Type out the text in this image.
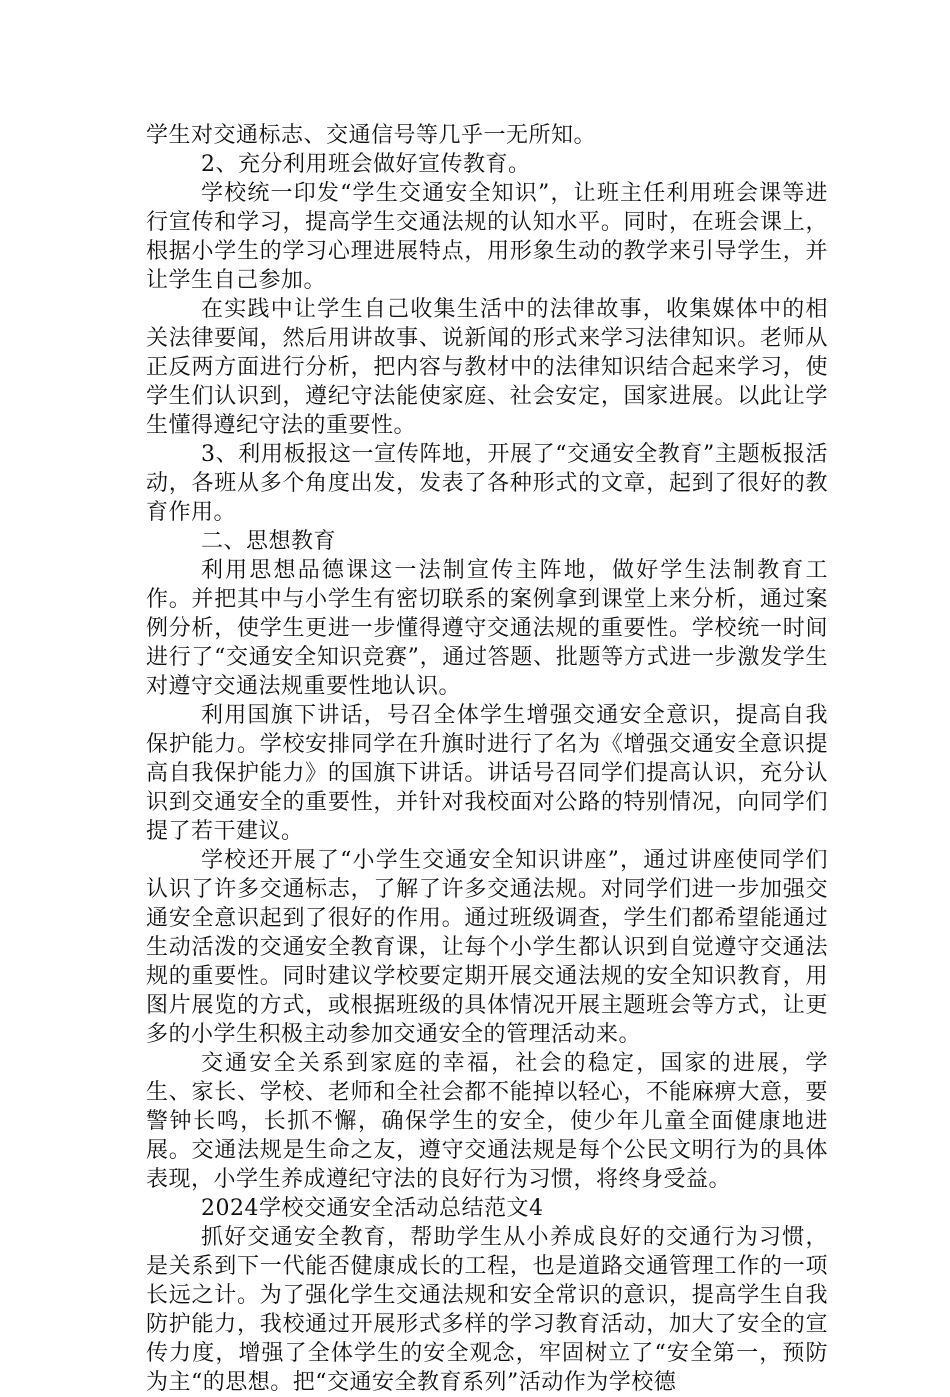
学生对交通标志、交通信号等几乎一无所知。

2、充分利用班会做好宣传教育。

学校统一印发“学生交通安全知识”，让班主任利用班会课等进行宣传和学习，提高学生交通法规的认知水平。同时，在班会课上，根据小学生的学习心理进展特点，用形象生动的教学来引导学生，并让学生自己参加。

在实践中让学生自己收集生活中的法律故事，收集媒体中的相关法律要闻，然后用讲故事、说新闻的形式来学习法律知识。老师从正反两方面进行分析，把内容与教材中的法律知识结合起来学习，使学生们认识到，遵纪守法能使家庭、社会安定，国家进展。以此让学生懂得遵纪守法的重要性。

3、利用板报这一宣传阵地，开展了“交通安全教育”主题板报活动，各班从多个角度出发，发表了各种形式的文章，起到了很好的教育作用。

二、思想教育

利用思想品德课这一法制宣传主阵地，做好学生法制教育工作。并把其中与小学生有密切联系的案例拿到课堂上来分析，通过案例分析，使学生更进一步懂得遵守交通法规的重要性。学校统一时间进行了“交通安全知识竞赛”，通过答题、批题等方式进一步激发学生对遵守交通法规重要性地认识。

利用国旗下讲话，号召全体学生增强交通安全意识，提高自我保护能力。学校安排同学在升旗时进行了名为《增强交通安全意识提高自我保护能力》的国旗下讲话。讲话号召同学们提高认识，充分认识到交通安全的重要性，并针对我校面对公路的特别情况，向同学们提了若干建议。

学校还开展了“小学生交通安全知识讲座”，通过讲座使同学们认识了许多交通标志，了解了许多交通法规。对同学们进一步加强交通安全意识起到了很好的作用。通过班级调查，学生们都希望能通过生动活泼的交通安全教育课，让每个小学生都认识到自觉遵守交通法规的重要性。同时建议学校要定期开展交通法规的安全知识教育，用图片展览的方式，或根据班级的具体情况开展主题班会等方式，让更多的小学生积极主动参加交通安全的管理活动来。

交通安全关系到家庭的幸福，社会的稳定，国家的进展，学生、家长、学校、老师和全社会都不能掉以轻心，不能麻痹大意，要警钟长鸣，长抓不懈，确保学生的安全，使少年儿童全面健康地进展。交通法规是生命之友，遵守交通法规是每个公民文明行为的具体表现，小学生养成遵纪守法的良好行为习惯，将终身受益。

2024学校交通安全活动总结范文4

抓好交通安全教育，帮助学生从小养成良好的交通行为习惯，是关系到下一代能否健康成长的工程，也是道路交通管理工作的一项长远之计。为了强化学生交通法规和安全常识的意识，提高学生自我防护能力，我校通过开展形式多样的学习教育活动，加大了安全的宣传力度，增强了全体学生的安全观念，牢固树立了“安全第一，预防为主“的思想。把“交通安全教育系列”活动作为学校德
